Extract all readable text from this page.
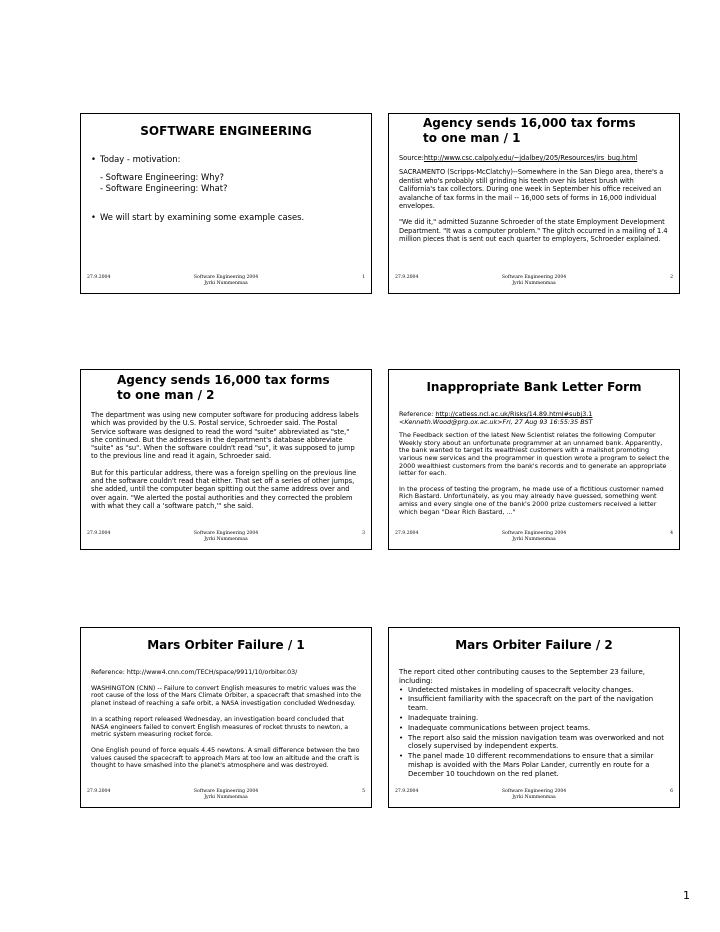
SOFTWARE ENGINEERING
• Today - motivation:
- Software Engineering: Why?
- Software Engineering: What?
• We will start by examining some example cases.
27.9.2004	Software Engineering 2004
Jyrki Nummenmaa
1
Agency sends 16,000 tax forms
to one man / 1

Source:http://www.csc.calpoly.edu/~jdalbey/205/Resources/irs_bug.html

SACRAMENTO (Scripps-McClatchy)--Somewhere in the San Diego area, there's a dentist who's probably still grinding his teeth over his latest brush with California's tax collectors. During one week in September his office received an avalanche of tax forms in the mail -- 16,000 sets of forms in 16,000 individual envelopes.

"We did it," admitted Suzanne Schroeder of the state Employment Development Department. "It was a computer problem." The glitch occurred in a mailing of 1.4 million pieces that is sent out each quarter to employers, Schroeder explained.

27.9.2004	Software Engineering 2004
Jyrki Nummenmaa
2
Agency sends 16,000 tax forms
to one man / 2

The department was using new computer software for producing address labels which was provided by the U.S. Postal service, Schroeder said. The Postal Service software was designed to read the word "suite" abbreviated as "ste," she continued. But the addresses in the department's database abbreviate "suite" as "su". When the software couldn't read "su", it was supposed to jump to the previous line and read it again, Schroeder said.

But for this particular address, there was a foreign spelling on the previous line and the software couldn't read that either. That set off a series of other jumps, she added, until the computer began spitting out the same address over and over again. "We alerted the postal authorities and they corrected the problem with what they call a 'software patch,'" she said.

27.9.2004	Software Engineering 2004
Jyrki Nummenmaa
3
Inappropriate Bank Letter Form

Reference: http://catless.ncl.ac.uk/Risks/14.89.html#subj3.1
<Kenneth.Wood@prg.ox.ac.uk>Fri, 27 Aug 93 16:55:35 BST

The Feedback section of the latest New Scientist relates the following Computer Weekly story about an unfortunate programmer at an unnamed bank. Apparently, the bank wanted to target its wealthiest customers with a mailshot promoting various new services and the programmer in question wrote a program to select the 2000 wealthiest customers from the bank's records and to generate an appropriate letter for each.

In the process of testing the program, he made use of a fictitious customer named Rich Bastard. Unfortunately, as you may already have guessed, something went amiss and every single one of the bank's 2000 prize customers received a letter which began "Dear Rich Bastard, ..."

27.9.2004	Software Engineering 2004
Jyrki Nummenmaa
4
Mars Orbiter Failure / 1

Reference: http://www4.cnn.com/TECH/space/9911/10/orbiter.03/

WASHINGTON (CNN) -- Failure to convert English measures to metric values was the root cause of the loss of the Mars Climate Orbiter, a spacecraft that smashed into the planet instead of reaching a safe orbit, a NASA investigation concluded Wednesday.

In a scathing report released Wednesday, an investigation board concluded that NASA engineers failed to convert English measures of rocket thrusts to newton, a metric system measuring rocket force.

One English pound of force equals 4.45 newtons. A small difference between the two values caused the spacecraft to approach Mars at too low an altitude and the craft is thought to have smashed into the planet's atmosphere and was destroyed.

27.9.2004	Software Engineering 2004
Jyrki Nummenmaa
5
Mars Orbiter Failure / 2

The report cited other contributing causes to the September 23 failure, including:

• Undetected mistakes in modeling of spacecraft velocity changes.
• Insufficient familiarity with the spacecraft on the part of the navigation team.
• Inadequate training.
• Inadequate communications between project teams.
• The report also said the mission navigation team was overworked and not closely supervised by independent experts.
• The panel made 10 different recommendations to ensure that a similar mishap is avoided with the Mars Polar Lander, currently en route for a December 10 touchdown on the red planet.
27.9.2004	Software Engineering 2004
Jyrki Nummenmaa
6
1
